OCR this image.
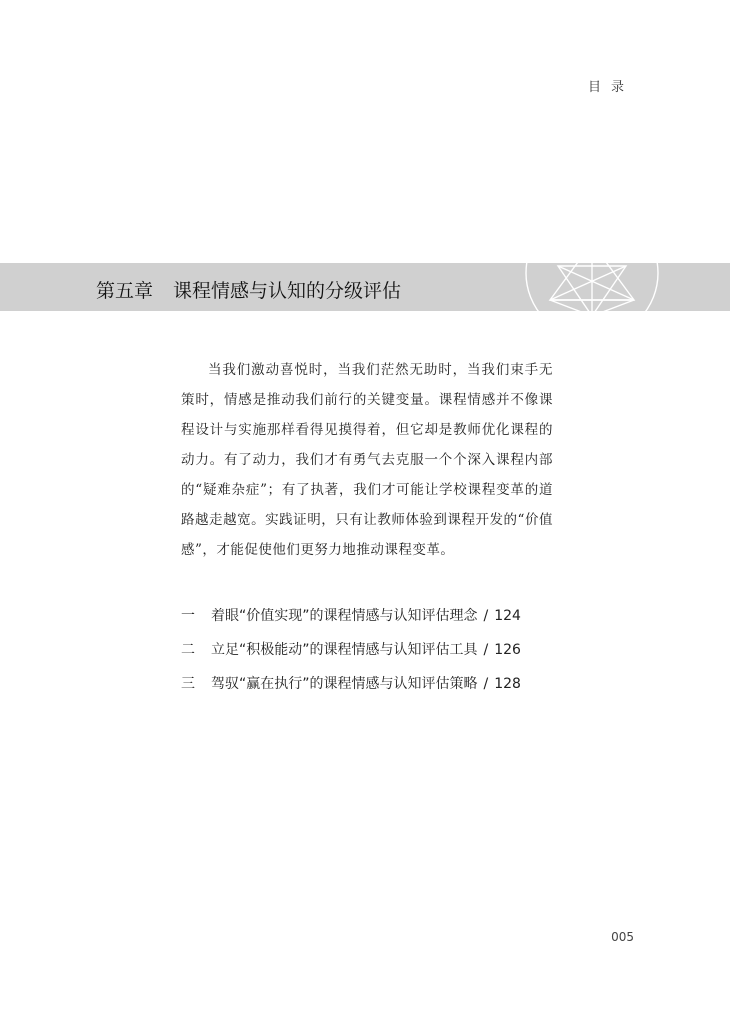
目录
第五章 课程情感与认知的分级评估

当我们激动喜悦时，当我们茫然无助时，当我们束手无策时，情感是推动我们前行的关键变量。课程情感并不像课程设计与实施那样看得见摸得着，但它却是教师优化课程的动力。有了动力，我们才有勇气去克服一个个深入课程内部的“疑难杂症”；有了执著，我们才可能让学校课程变革的道路越走越宽。实践证明，只有让教师体验到课程开发的“价值感”，才能促使他们更努力地推动课程变革。

一	着眼“价值实现”的课程情感与认知评估理念 / 124
二	立足“积极能动”的课程情感与认知评估工具 / 126
三	驾驭“赢在执行”的课程情感与认知评估策略 / 128
005
